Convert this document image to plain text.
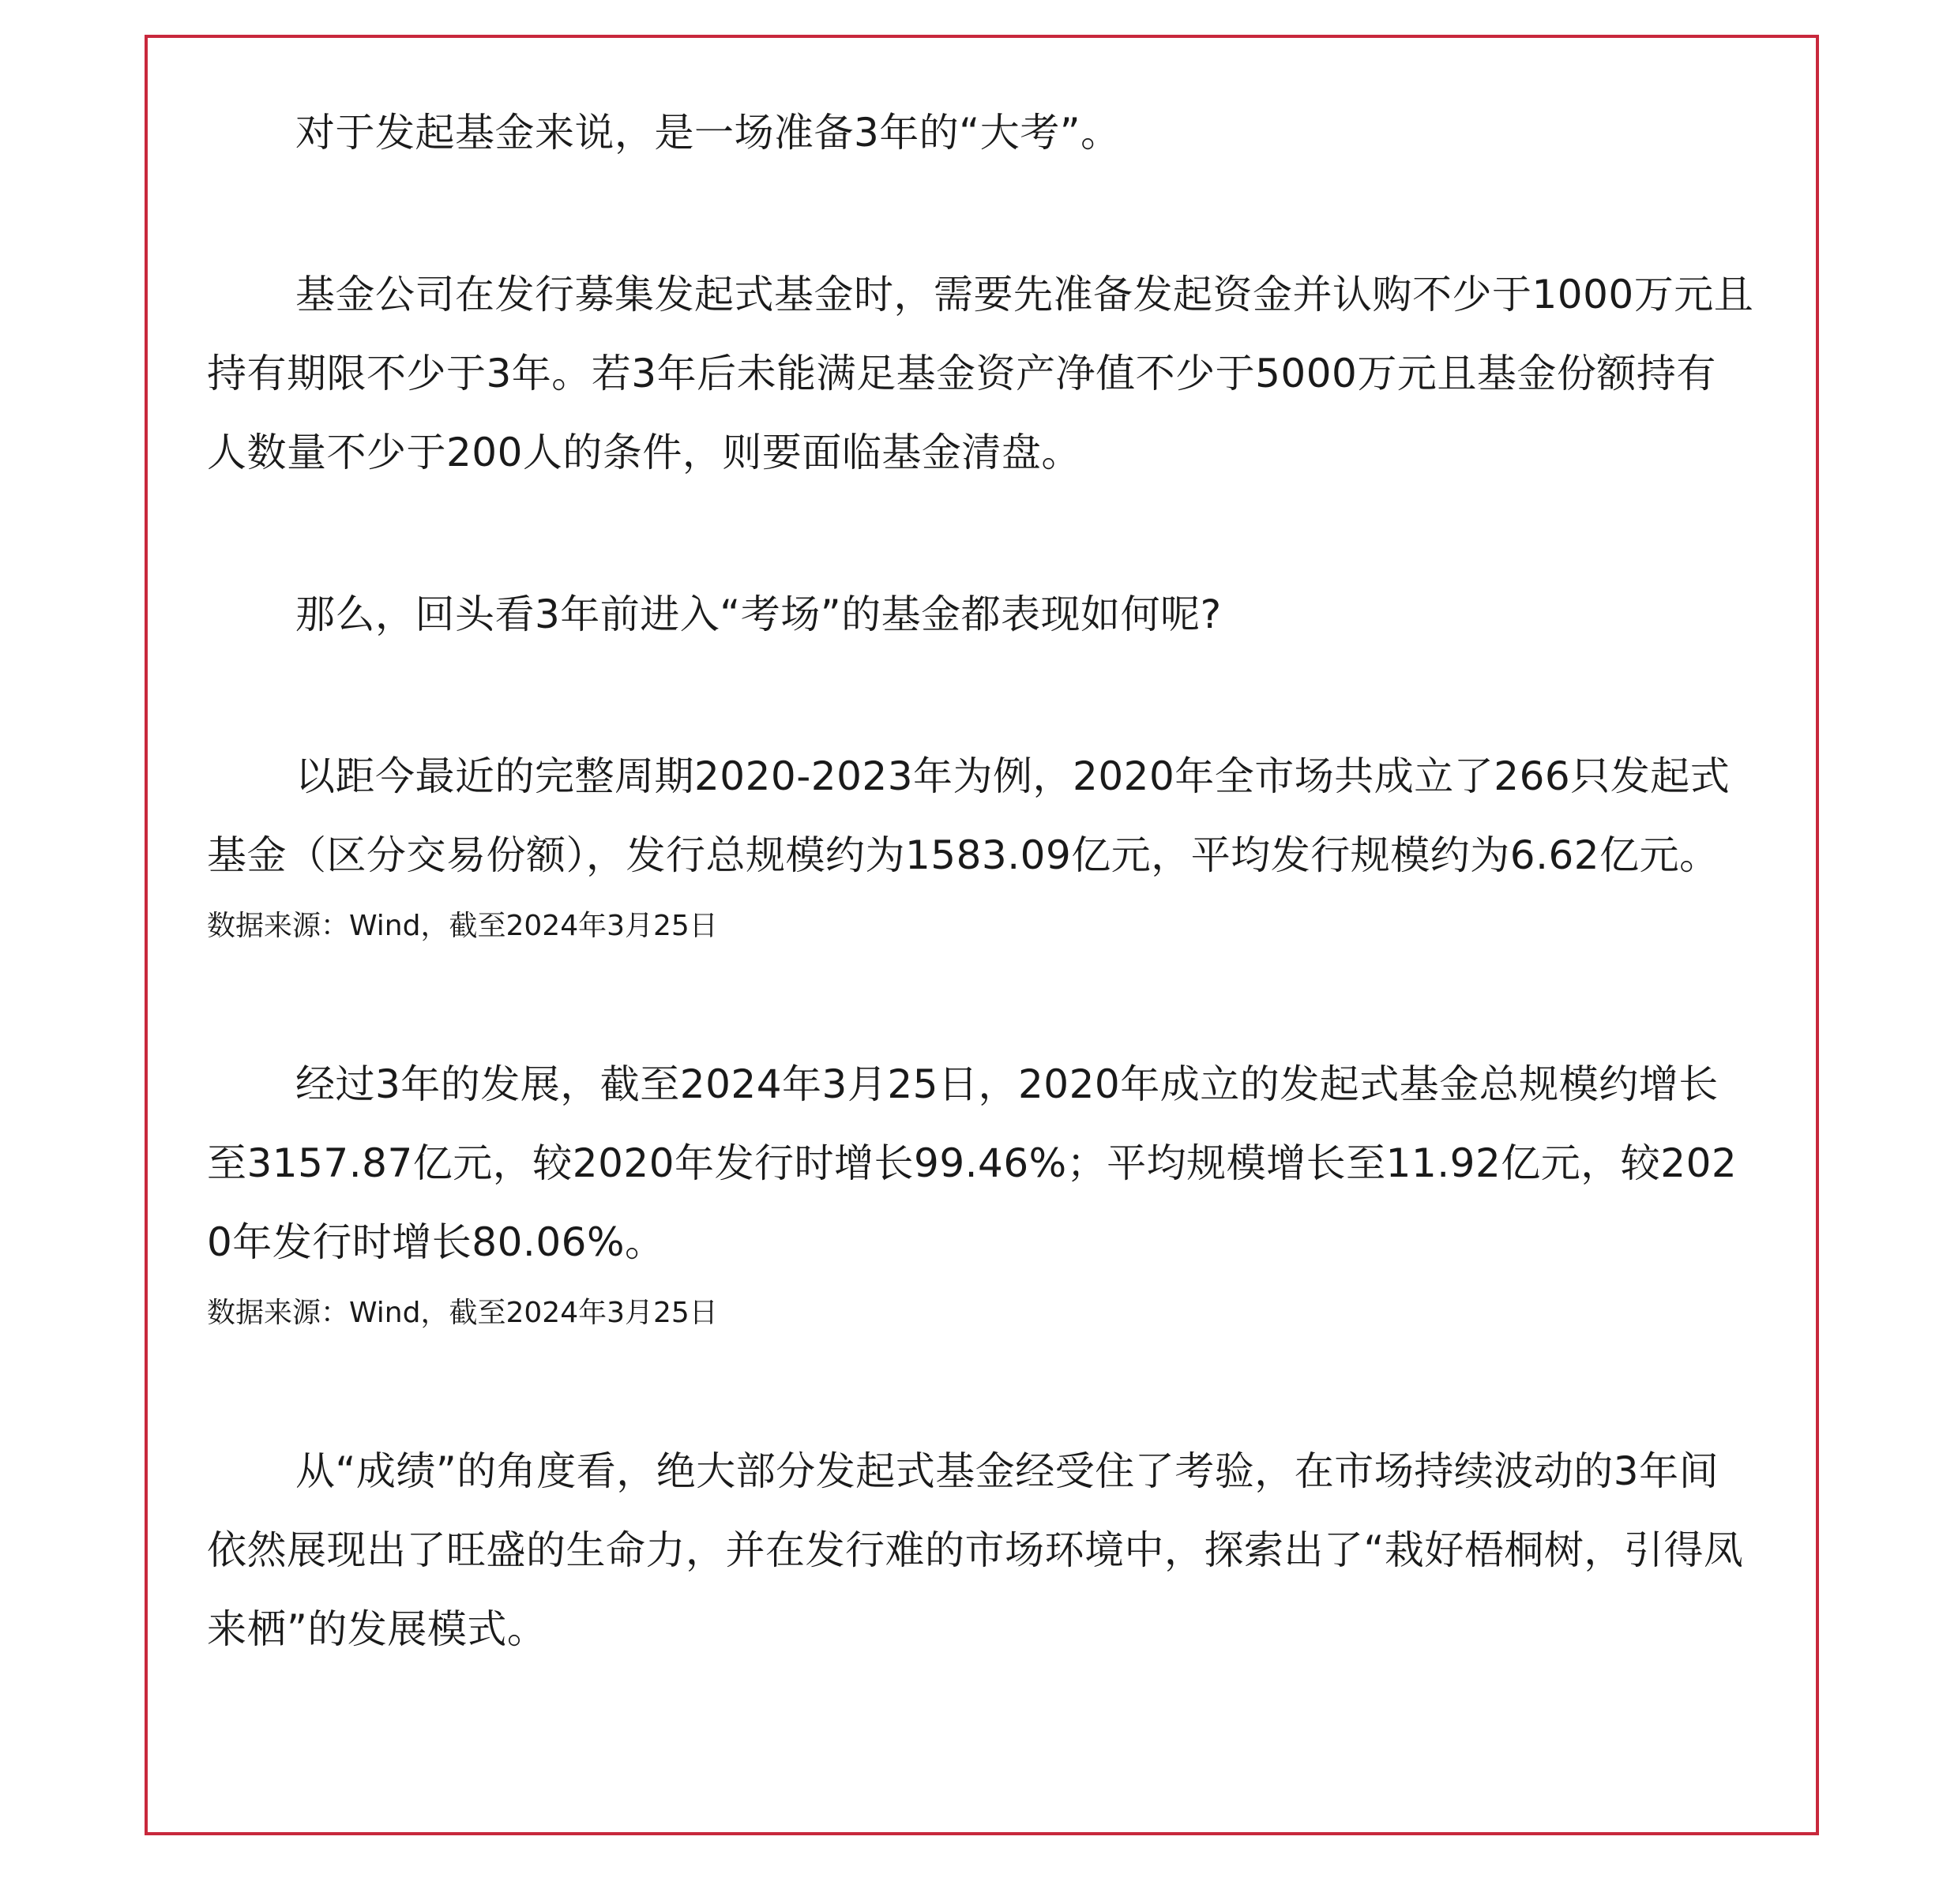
对于发起基金来说，是一场准备3年的“大考”。

基金公司在发行募集发起式基金时，需要先准备发起资金并认购不少于1000万元且持有期限不少于3年。若3年后未能满足基金资产净值不少于5000万元且基金份额持有人数量不少于200人的条件，则要面临基金清盘。

那么，回头看3年前进入“考场”的基金都表现如何呢?

以距今最近的完整周期2020-2023年为例，2020年全市场共成立了266只发起式基金（区分交易份额），发行总规模约为1583.09亿元，平均发行规模约为6.62亿元。

数据来源：Wind，截至2024年3月25日

经过3年的发展，截至2024年3月25日，2020年成立的发起式基金总规模约增长至3157.87亿元，较2020年发行时增长99.46%；平均规模增长至11.92亿元，较2020年发行时增长80.06%。

数据来源：Wind，截至2024年3月25日

从“成绩”的角度看，绝大部分发起式基金经受住了考验，在市场持续波动的3年间依然展现出了旺盛的生命力，并在发行难的市场环境中，探索出了“栽好梧桐树，引得凤来栖”的发展模式。
